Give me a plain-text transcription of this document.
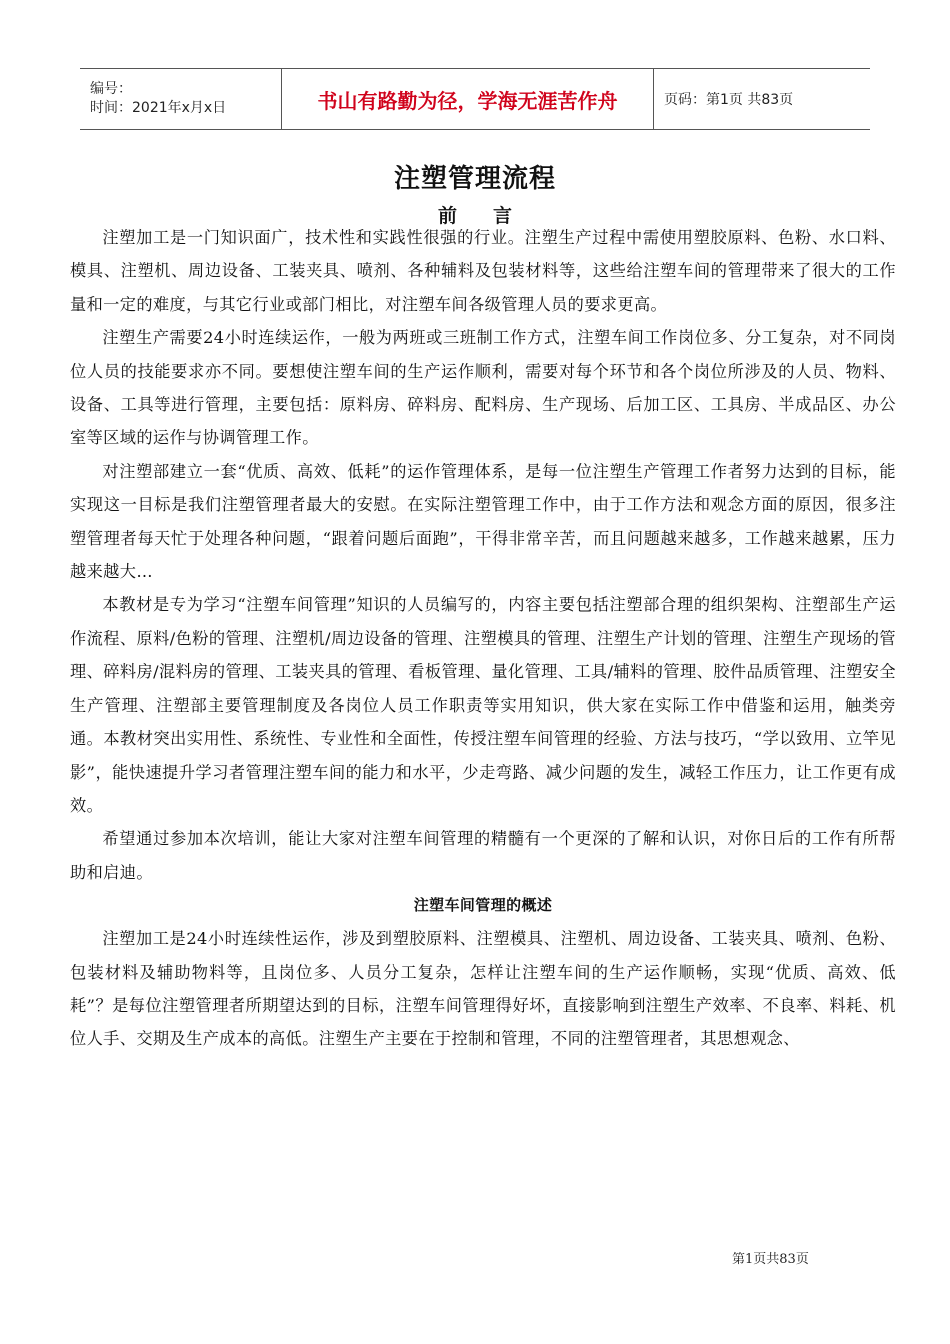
编号：
时间：2021年x月x日	书山有路勤为径，学海无涯苦作舟	页码：第1页 共83页
注塑管理流程
前言

注塑加工是一门知识面广，技术性和实践性很强的行业。注塑生产过程中需使用塑胶原料、色粉、水口料、模具、注塑机、周边设备、工装夹具、喷剂、各种辅料及包装材料等，这些给注塑车间的管理带来了很大的工作量和一定的难度，与其它行业或部门相比，对注塑车间各级管理人员的要求更高。

注塑生产需要24小时连续运作，一般为两班或三班制工作方式，注塑车间工作岗位多、分工复杂，对不同岗位人员的技能要求亦不同。要想使注塑车间的生产运作顺利，需要对每个环节和各个岗位所涉及的人员、物料、设备、工具等进行管理，主要包括：原料房、碎料房、配料房、生产现场、后加工区、工具房、半成品区、办公室等区域的运作与协调管理工作。

对注塑部建立一套“优质、高效、低耗”的运作管理体系，是每一位注塑生产管理工作者努力达到的目标，能实现这一目标是我们注塑管理者最大的安慰。在实际注塑管理工作中，由于工作方法和观念方面的原因，很多注塑管理者每天忙于处理各种问题，“跟着问题后面跑”，干得非常辛苦，而且问题越来越多，工作越来越累，压力越来越大…

本教材是专为学习“注塑车间管理”知识的人员编写的，内容主要包括注塑部合理的组织架构、注塑部生产运作流程、原料/色粉的管理、注塑机/周边设备的管理、注塑模具的管理、注塑生产计划的管理、注塑生产现场的管理、碎料房/混料房的管理、工装夹具的管理、看板管理、量化管理、工具/辅料的管理、胶件品质管理、注塑安全生产管理、注塑部主要管理制度及各岗位人员工作职责等实用知识，供大家在实际工作中借鉴和运用，触类旁通。本教材突出实用性、系统性、专业性和全面性，传授注塑车间管理的经验、方法与技巧，“学以致用、立竿见影”，能快速提升学习者管理注塑车间的能力和水平，少走弯路、减少问题的发生，减轻工作压力，让工作更有成效。

希望通过参加本次培训，能让大家对注塑车间管理的精髓有一个更深的了解和认识，对你日后的工作有所帮助和启迪。

注塑车间管理的概述

注塑加工是24小时连续性运作，涉及到塑胶原料、注塑模具、注塑机、周边设备、工装夹具、喷剂、色粉、包装材料及辅助物料等，且岗位多、人员分工复杂，怎样让注塑车间的生产运作顺畅，实现“优质、高效、低耗”？是每位注塑管理者所期望达到的目标，注塑车间管理得好坏，直接影响到注塑生产效率、不良率、料耗、机位人手、交期及生产成本的高低。注塑生产主要在于控制和管理，不同的注塑管理者，其思想观念、

第1页共83页
